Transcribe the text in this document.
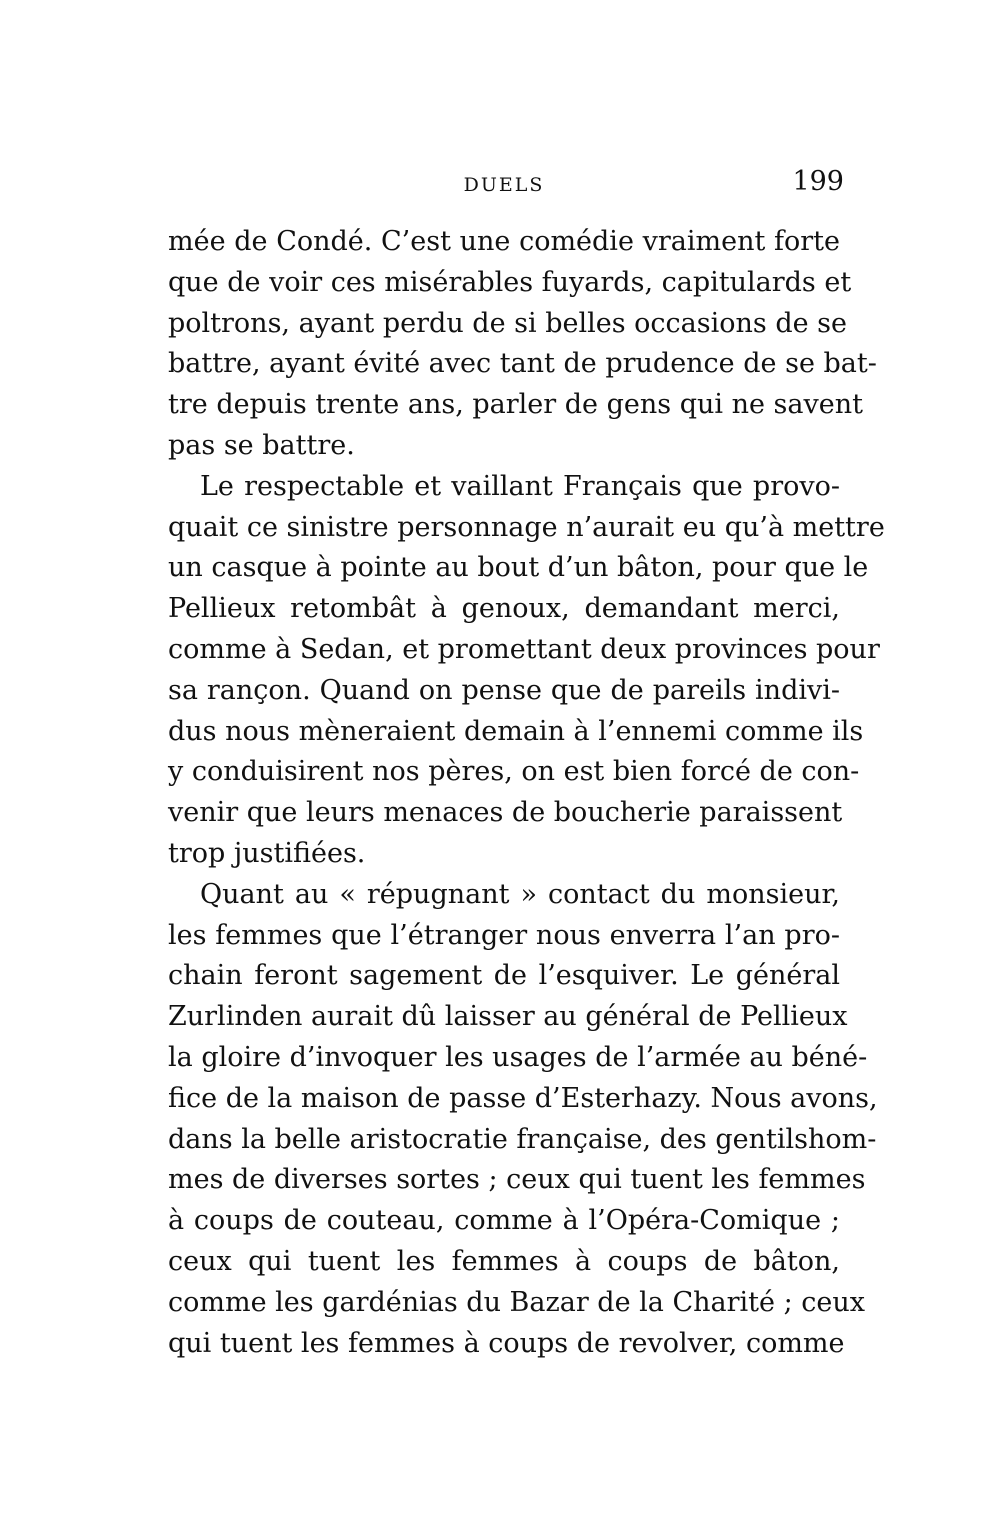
DUELS	199
mée de Condé. C’est une comédie vraiment forte
que de voir ces misérables fuyards, capitulards et
poltrons, ayant perdu de si belles occasions de se
battre, ayant évité avec tant de prudence de se bat-
tre depuis trente ans, parler de gens qui ne savent
pas se battre.
Le respectable et vaillant Français que provo-
quait ce sinistre personnage n’aurait eu qu’à mettre
un casque à pointe au bout d’un bâton, pour que le
Pellieux retombât à genoux, demandant merci,
comme à Sedan, et promettant deux provinces pour
sa rançon. Quand on pense que de pareils indivi-
dus nous mèneraient demain à l’ennemi comme ils
y conduisirent nos pères, on est bien forcé de con-
venir que leurs menaces de boucherie paraissent
trop justifiées.
Quant au « répugnant » contact du monsieur,
les femmes que l’étranger nous enverra l’an pro-
chain feront sagement de l’esquiver. Le général
Zurlinden aurait dû laisser au général de Pellieux
la gloire d’invoquer les usages de l’armée au béné-
fice de la maison de passe d’Esterhazy. Nous avons,
dans la belle aristocratie française, des gentilshom-
mes de diverses sortes ; ceux qui tuent les femmes
à coups de couteau, comme à l’Opéra-Comique ;
ceux qui tuent les femmes à coups de bâton,
comme les gardénias du Bazar de la Charité ; ceux
qui tuent les femmes à coups de revolver, comme
